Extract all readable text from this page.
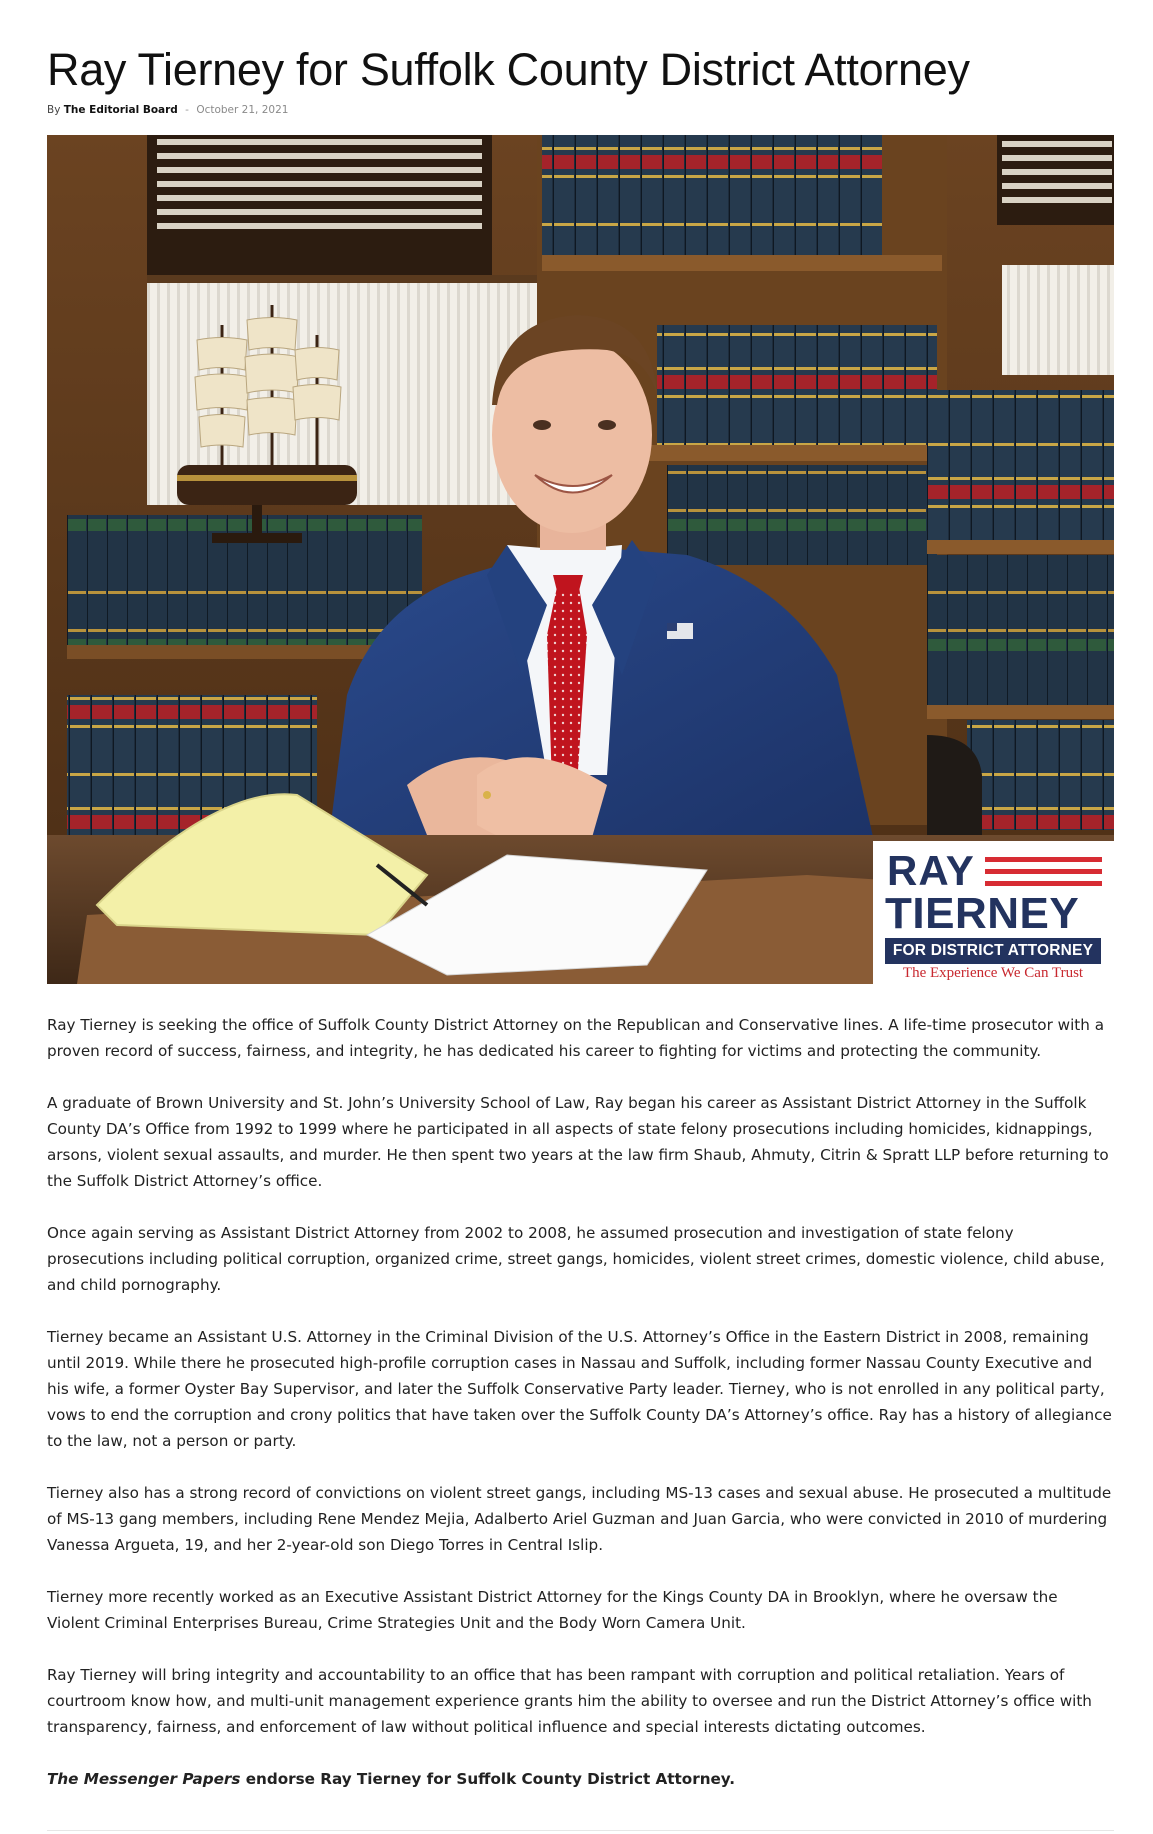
Ray Tierney for Suffolk County District Attorney
By The Editorial Board - October 21, 2021
RAY
TIERNEY
FOR DISTRICT ATTORNEY
The Experience We Can Trust

Ray Tierney is seeking the office of Suffolk County District Attorney on the Republican and Conservative lines. A life-time prosecutor with a proven record of success, fairness, and integrity, he has dedicated his career to fighting for victims and protecting the community.

A graduate of Brown University and St. John’s University School of Law, Ray began his career as Assistant District Attorney in the Suffolk County DA’s Office from 1992 to 1999 where he participated in all aspects of state felony prosecutions including homicides, kidnappings, arsons, violent sexual assaults, and murder. He then spent two years at the law firm Shaub, Ahmuty, Citrin & Spratt LLP before returning to the Suffolk District Attorney’s office.

Once again serving as Assistant District Attorney from 2002 to 2008, he assumed prosecution and investigation of state felony prosecutions including political corruption, organized crime, street gangs, homicides, violent street crimes, domestic violence, child abuse, and child pornography.

Tierney became an Assistant U.S. Attorney in the Criminal Division of the U.S. Attorney’s Office in the Eastern District in 2008, remaining until 2019. While there he prosecuted high-profile corruption cases in Nassau and Suffolk, including former Nassau County Executive and his wife, a former Oyster Bay Supervisor, and later the Suffolk Conservative Party leader. Tierney, who is not enrolled in any political party, vows to end the corruption and crony politics that have taken over the Suffolk County DA’s Attorney’s office. Ray has a history of allegiance to the law, not a person or party.

Tierney also has a strong record of convictions on violent street gangs, including MS-13 cases and sexual abuse. He prosecuted a multitude of MS-13 gang members, including Rene Mendez Mejia, Adalberto Ariel Guzman and Juan Garcia, who were convicted in 2010 of murdering Vanessa Argueta, 19, and her 2-year-old son Diego Torres in Central Islip.

Tierney more recently worked as an Executive Assistant District Attorney for the Kings County DA in Brooklyn, where he oversaw the Violent Criminal Enterprises Bureau, Crime Strategies Unit and the Body Worn Camera Unit.

Ray Tierney will bring integrity and accountability to an office that has been rampant with corruption and political retaliation. Years of courtroom know how, and multi-unit management experience grants him the ability to oversee and run the District Attorney’s office with transparency, fairness, and enforcement of law without political influence and special interests dictating outcomes.

The Messenger Papers endorse Ray Tierney for Suffolk County District Attorney.
